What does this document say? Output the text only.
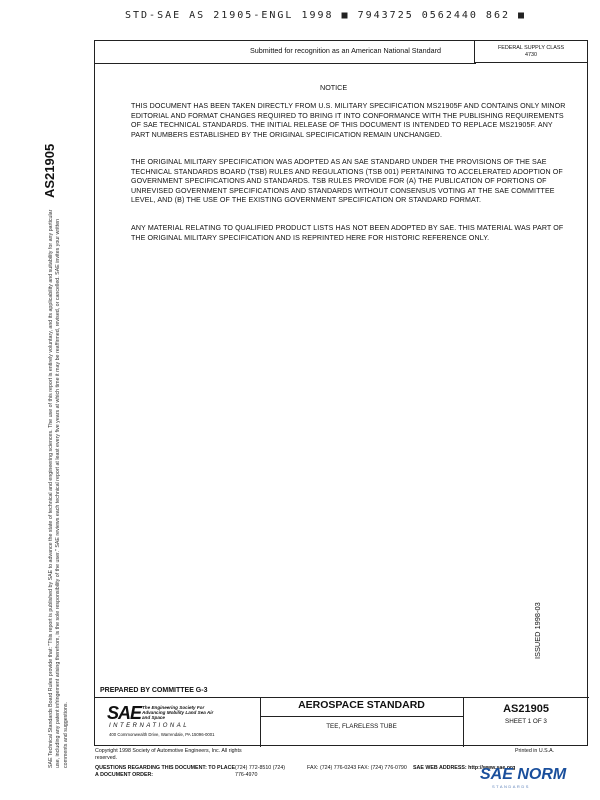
STD-SAE AS 21905-ENGL 1998 ■ 7943725 0562440 862 ■
SAE Technical Standards Board Rules provide that: "This report is published by SAE to advance the state of technical and engineering sciences. The use of this report is entirely voluntary, and its applicability and suitability for any particular use, including any patent infringement arising therefrom, is the sole responsibility of the user." SAE reviews each technical report at least every five years at which time it may be reaffirmed, revised, or cancelled. SAE invites your written comments and suggestions.
AS21905
Submitted for recognition as an American National Standard	FEDERAL SUPPLY CLASS
4730
NOTICE
THIS DOCUMENT HAS BEEN TAKEN DIRECTLY FROM U.S. MILITARY SPECIFICATION MS21905F AND CONTAINS ONLY MINOR EDITORIAL AND FORMAT CHANGES REQUIRED TO BRING IT INTO CONFORMANCE WITH THE PUBLISHING REQUIREMENTS OF SAE TECHNICAL STANDARDS. THE INITIAL RELEASE OF THIS DOCUMENT IS INTENDED TO REPLACE MS21905F. ANY PART NUMBERS ESTABLISHED BY THE ORIGINAL SPECIFICATION REMAIN UNCHANGED.
THE ORIGINAL MILITARY SPECIFICATION WAS ADOPTED AS AN SAE STANDARD UNDER THE PROVISIONS OF THE SAE TECHNICAL STANDARDS BOARD (TSB) RULES AND REGULATIONS (TSB 001) PERTAINING TO ACCELERATED ADOPTION OF GOVERNMENT SPECIFICATIONS AND STANDARDS. TSB RULES PROVIDE FOR (A) THE PUBLICATION OF PORTIONS OF UNREVISED GOVERNMENT SPECIFICATIONS AND STANDARDS WITHOUT CONSENSUS VOTING AT THE SAE COMMITTEE LEVEL, AND (B) THE USE OF THE EXISTING GOVERNMENT SPECIFICATION OR STANDARD FORMAT.
ANY MATERIAL RELATING TO QUALIFIED PRODUCT LISTS HAS NOT BEEN ADOPTED BY SAE. THIS MATERIAL WAS PART OF THE ORIGINAL MILITARY SPECIFICATION AND IS REPRINTED HERE FOR HISTORIC REFERENCE ONLY.
ISSUED 1998-03
PREPARED BY COMMITTEE G-3
SAE The Engineering Society For Advancing Mobility Land Sea Air and Space
INTERNATIONAL
400 Commonwealth Drive, Warrendale, PA 15096-0001
AEROSPACE STANDARD
TEE, FLARELESS TUBE
AS21905
SHEET 1 OF 3
Copyright 1998 Society of Automotive Engineers, Inc. All rights reserved.
Printed in U.S.A.
QUESTIONS REGARDING THIS DOCUMENT: TO PLACE A DOCUMENT ORDER:
(724) 772-8510 (724) 776-4970
FAX: (724) 776-0243 FAX: (724) 776-0790 SAE WEB ADDRESS: http://www.sae.org
SAE NORM
STANDARDS
